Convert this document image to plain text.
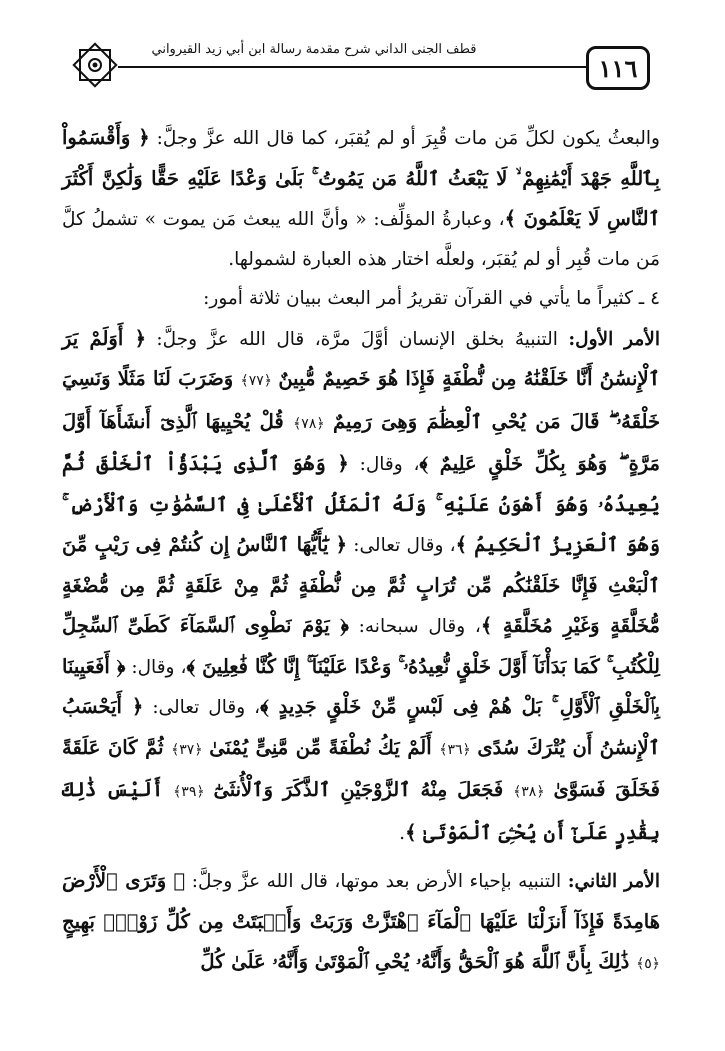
قطف الجنى الداني شرح مقدمة رسالة ابن أبي زيد القيرواني
١١٦

والبعثُ يكون لكلِّ مَن مات قُبِرَ أو لم يُقبَر، كما قال الله عزَّ وجلَّ: ﴿ وَأَقْسَمُواْ بِٱللَّهِ جَهْدَ أَيْمَٰنِهِمْ ۙ لَا يَبْعَثُ ٱللَّهُ مَن يَمُوتُ ۚ بَلَىٰ وَعْدًا عَلَيْهِ حَقًّا وَلَٰكِنَّ أَكْثَرَ ٱلنَّاسِ لَا يَعْلَمُونَ ﴾، وعبارةُ المؤلِّف: « وأنَّ الله يبعث مَن يموت » تشملُ كلَّ مَن مات قُبِر أو لم يُقبَر، ولعلَّه اختار هذه العبارة لشمولها.

٤ ـ كثيراً ما يأتي في القرآن تقريرُ أمر البعث ببيان ثلاثة أمور:

الأمر الأول: التنبيهُ بخلق الإنسان أوَّلَ مرَّة، قال الله عزَّ وجلَّ: ﴿ أَوَلَمْ يَرَ ٱلْإِنسَٰنُ أَنَّا خَلَقْنَٰهُ مِن نُّطْفَةٍ فَإِذَا هُوَ خَصِيمٌ مُّبِينٌ ﴿٧٧﴾ وَضَرَبَ لَنَا مَثَلًا وَنَسِيَ خَلْقَهُۥ ۖ قَالَ مَن يُحْىِ ٱلْعِظَٰمَ وَهِىَ رَمِيمٌ ﴿٧٨﴾ قُلْ يُحْيِيهَا ٱلَّذِىٓ أَنشَأَهَآ أَوَّلَ مَرَّةٍ ۖ وَهُوَ بِكُلِّ خَلْقٍ عَلِيمٌ ﴾، وقال: ﴿ وَهُوَ ٱلَّذِى يَبْدَؤُاْ ٱلْخَلْقَ ثُمَّ يُعِيدُهُۥ وَهُوَ أَهْوَنُ عَلَيْهِ ۚ وَلَهُ ٱلْمَثَلُ ٱلْأَعْلَىٰ فِى ٱلسَّمَٰوَٰتِ وَٱلْأَرْضِ ۚ وَهُوَ ٱلْعَزِيزُ ٱلْحَكِيمُ ﴾، وقال تعالى: ﴿ يَٰٓأَيُّهَا ٱلنَّاسُ إِن كُنتُمْ فِى رَيْبٍ مِّنَ ٱلْبَعْثِ فَإِنَّا خَلَقْنَٰكُم مِّن تُرَابٍ ثُمَّ مِن نُّطْفَةٍ ثُمَّ مِنْ عَلَقَةٍ ثُمَّ مِن مُّضْغَةٍ مُّخَلَّقَةٍ وَغَيْرِ مُخَلَّقَةٍ ﴾، وقال سبحانه: ﴿ يَوْمَ نَطْوِى ٱلسَّمَآءَ كَطَىِّ ٱلسِّجِلِّ لِلْكُتُبِ ۚ كَمَا بَدَأْنَآ أَوَّلَ خَلْقٍ نُّعِيدُهُۥ ۚ وَعْدًا عَلَيْنَآ ۚ إِنَّا كُنَّا فَٰعِلِينَ ﴾، وقال: ﴿ أَفَعَيِينَا بِٱلْخَلْقِ ٱلْأَوَّلِ ۚ بَلْ هُمْ فِى لَبْسٍ مِّنْ خَلْقٍ جَدِيدٍ ﴾، وقال تعالى: ﴿ أَيَحْسَبُ ٱلْإِنسَٰنُ أَن يُتْرَكَ سُدًى ﴿٣٦﴾ أَلَمْ يَكُ نُطْفَةً مِّن مَّنِىٍّ يُمْنَىٰ ﴿٣٧﴾ ثُمَّ كَانَ عَلَقَةً فَخَلَقَ فَسَوَّىٰ ﴿٣٨﴾ فَجَعَلَ مِنْهُ ٱلزَّوْجَيْنِ ٱلذَّكَرَ وَٱلْأُنثَىٰٓ ﴿٣٩﴾ أَلَيْسَ ذَٰلِكَ بِقَٰدِرٍ عَلَىٰٓ أَن يُحْـِۧىَ ٱلْمَوْتَىٰ ﴾.

الأمر الثاني: التنبيه بإحياء الأرض بعد موتها، قال الله عزَّ وجلَّ: ﴿ وَتَرَى ٱلْأَرْضَ هَامِدَةً فَإِذَآ أَنزَلْنَا عَلَيْهَا ٱلْمَآءَ ٱهْتَزَّتْ وَرَبَتْ وَأَنۢبَتَتْ مِن كُلِّ زَوْجٍۭ بَهِيجٍ ﴿٥﴾ ذَٰلِكَ بِأَنَّ ٱللَّهَ هُوَ ٱلْحَقُّ وَأَنَّهُۥ يُحْىِ ٱلْمَوْتَىٰ وَأَنَّهُۥ عَلَىٰ كُلِّ
